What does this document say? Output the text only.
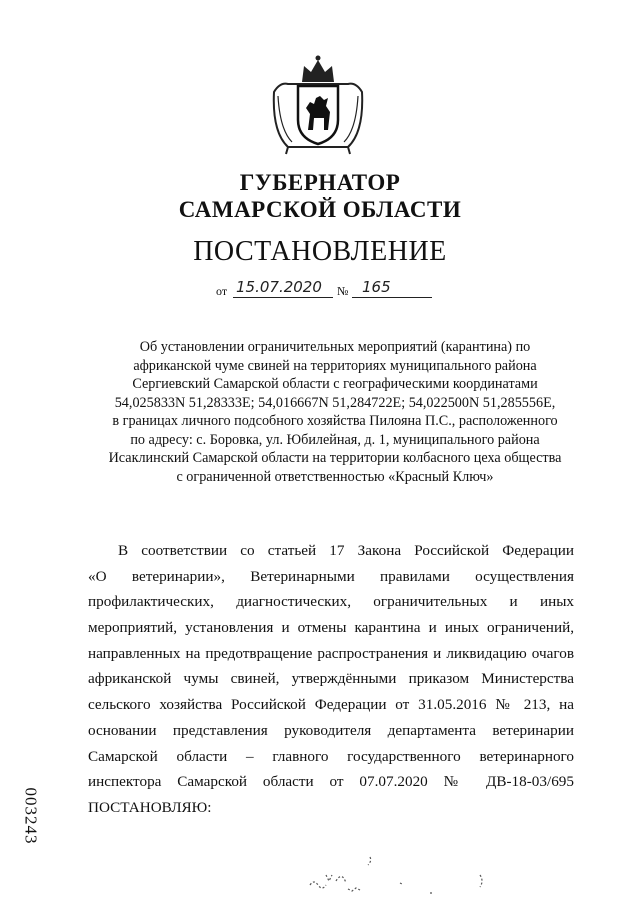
ГУБЕРНАТОР
САМАРСКОЙ ОБЛАСТИ
ПОСТАНОВЛЕНИЕ
от 15.07.2020 № 165
Об установлении ограничительных мероприятий (карантина) по
африканской чуме свиней на территориях муниципального района
Сергиевский Самарской области с географическими координатами
54,025833N 51,28333E; 54,016667N 51,284722E; 54,022500N 51,285556E,
в границах личного подсобного хозяйства Пилояна П.С., расположенного
по адресу: с. Боровка, ул. Юбилейная, д. 1, муниципального района
Исаклинский Самарской области на территории колбасного цеха общества
с ограниченной ответственностью «Красный Ключ»
В соответствии со статьей 17 Закона Российской Федерации
«О ветеринарии», Ветеринарными правилами осуществления
профилактических, диагностических, ограничительных и иных
мероприятий, установления и отмены карантина и иных ограничений,
направленных на предотвращение распространения и ликвидацию очагов
африканской чумы свиней, утверждёнными приказом Министерства
сельского хозяйства Российской Федерации от 31.05.2016 № 213, на
основании представления руководителя департамента ветеринарии
Самарской области – главного государственного ветеринарного
инспектора Самарской области от 07.07.2020 № ДВ-18-03/695
ПОСТАНОВЛЯЮ:
003243
